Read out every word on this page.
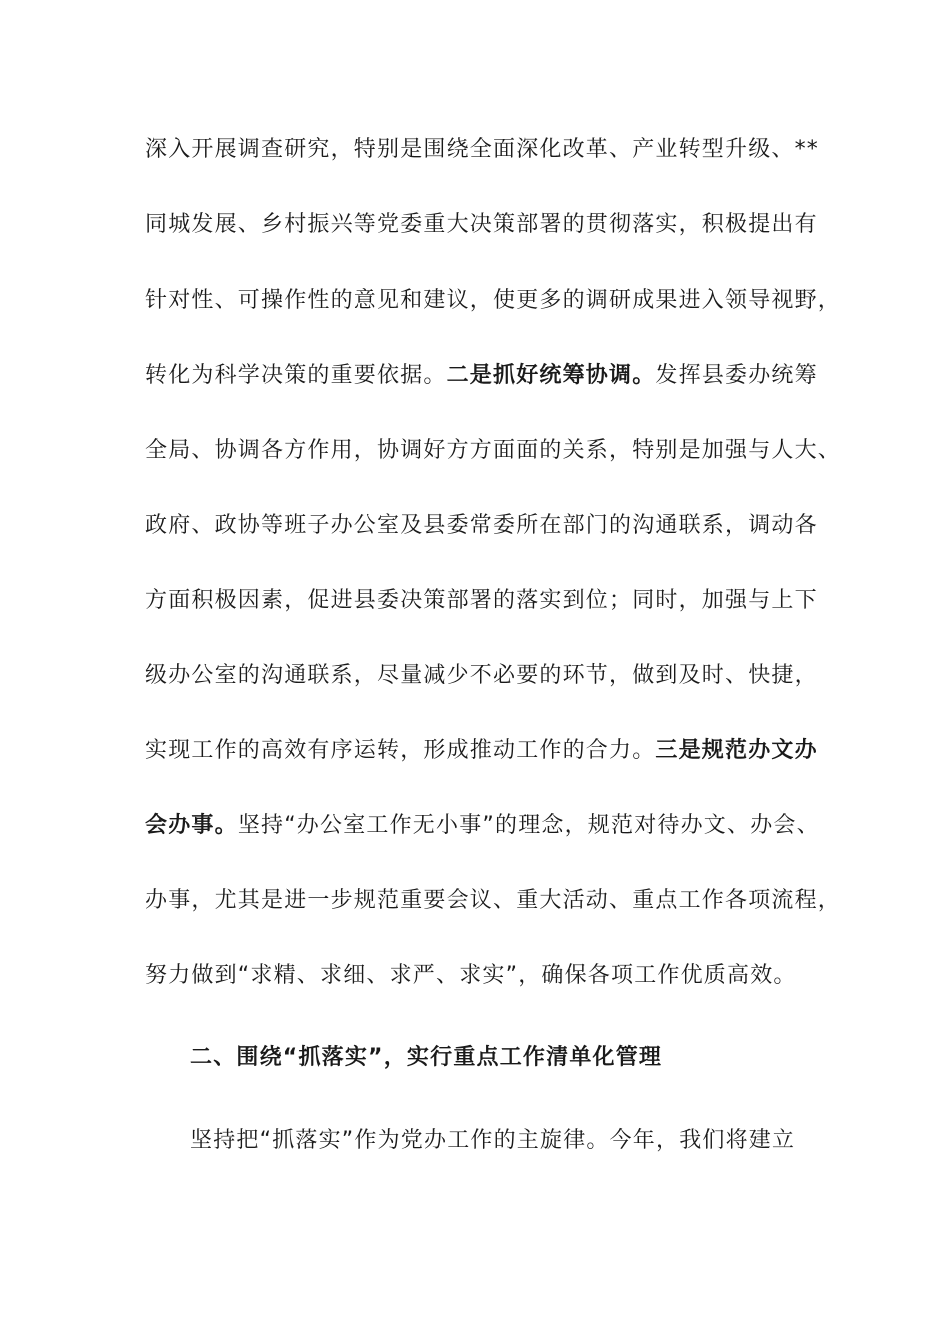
深入开展调查研究，特别是围绕全面深化改革、产业转型升级、**
同城发展、乡村振兴等党委重大决策部署的贯彻落实，积极提出有
针对性、可操作性的意见和建议，使更多的调研成果进入领导视野，
转化为科学决策的重要依据。二是抓好统筹协调。发挥县委办统筹
全局、协调各方作用，协调好方方面面的关系，特别是加强与人大、
政府、政协等班子办公室及县委常委所在部门的沟通联系，调动各
方面积极因素，促进县委决策部署的落实到位；同时，加强与上下
级办公室的沟通联系，尽量减少不必要的环节，做到及时、快捷，
实现工作的高效有序运转，形成推动工作的合力。三是规范办文办
会办事。坚持“办公室工作无小事”的理念，规范对待办文、办会、
办事，尤其是进一步规范重要会议、重大活动、重点工作各项流程，
努力做到“求精、求细、求严、求实”，确保各项工作优质高效。
二、围绕“抓落实”，实行重点工作清单化管理
坚持把“抓落实”作为党办工作的主旋律。今年，我们将建立
